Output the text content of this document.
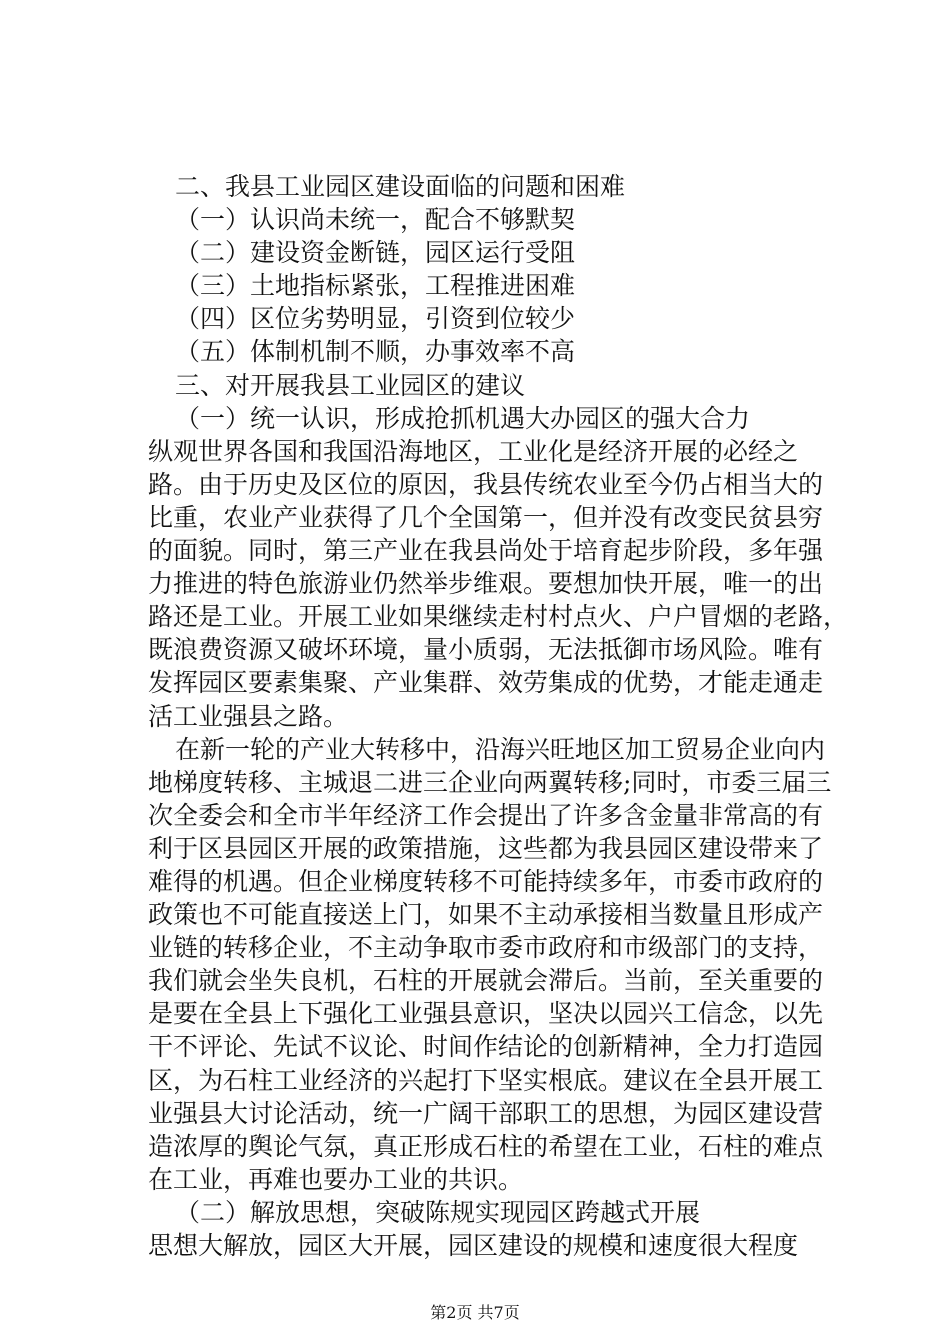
二、我县工业园区建设面临的问题和困难
（一）认识尚未统一，配合不够默契
（二）建设资金断链，园区运行受阻
（三）土地指标紧张，工程推进困难
（四）区位劣势明显，引资到位较少
（五）体制机制不顺，办事效率不高
三、对开展我县工业园区的建议
（一）统一认识，形成抢抓机遇大办园区的强大合力
纵观世界各国和我国沿海地区，工业化是经济开展的必经之
路。由于历史及区位的原因，我县传统农业至今仍占相当大的
比重，农业产业获得了几个全国第一，但并没有改变民贫县穷
的面貌。同时，第三产业在我县尚处于培育起步阶段，多年强
力推进的特色旅游业仍然举步维艰。要想加快开展，唯一的出
路还是工业。开展工业如果继续走村村点火、户户冒烟的老路，
既浪费资源又破坏环境，量小质弱，无法抵御市场风险。唯有
发挥园区要素集聚、产业集群、效劳集成的优势，才能走通走
活工业强县之路。
在新一轮的产业大转移中，沿海兴旺地区加工贸易企业向内
地梯度转移、主城退二进三企业向两翼转移;同时，市委三届三
次全委会和全市半年经济工作会提出了许多含金量非常高的有
利于区县园区开展的政策措施，这些都为我县园区建设带来了
难得的机遇。但企业梯度转移不可能持续多年，市委市政府的
政策也不可能直接送上门，如果不主动承接相当数量且形成产
业链的转移企业，不主动争取市委市政府和市级部门的支持，
我们就会坐失良机，石柱的开展就会滞后。当前，至关重要的
是要在全县上下强化工业强县意识，坚决以园兴工信念，以先
干不评论、先试不议论、时间作结论的创新精神，全力打造园
区，为石柱工业经济的兴起打下坚实根底。建议在全县开展工
业强县大讨论活动，统一广阔干部职工的思想，为园区建设营
造浓厚的舆论气氛，真正形成石柱的希望在工业，石柱的难点
在工业，再难也要办工业的共识。
（二）解放思想，突破陈规实现园区跨越式开展
思想大解放，园区大开展，园区建设的规模和速度很大程度
第2页 共7页
